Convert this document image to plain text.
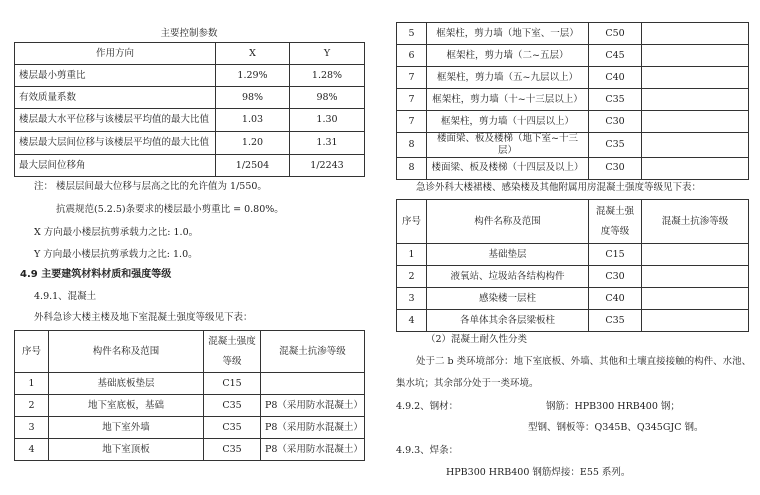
主要控制参数
作用方向	X	Y
楼层最小剪重比	1.29%	1.28%
有效质量系数	98%	98%
楼层最大水平位移与该楼层平均值的最大比值	1.03	1.30
楼层最大层间位移与该楼层平均值的最大比值	1.20	1.31
最大层间位移角	1/2504	1/2243
注： 楼层层间最大位移与层高之比的允许值为 1/550。
抗震规范(5.2.5)条要求的楼层最小剪重比 = 0.80%。
X 方向最小楼层抗剪承载力之比: 1.0。
Y 方向最小楼层抗剪承载力之比: 1.0。
4.9 主要建筑材料材质和强度等级
4.9.1、混凝土
外科急诊大楼主楼及地下室混凝土强度等级见下表：
序号	构件名称及范围	混凝土强度等级	混凝土抗渗等级
1	基础底板垫层	C15	
2	地下室底板，基础	C35	P8（采用防水混凝土）
3	地下室外墙	C35	P8（采用防水混凝土）
4	地下室顶板	C35	P8（采用防水混凝土）
5	框架柱，剪力墙（地下室、一层）	C50	
6	框架柱，剪力墙（二~五层）	C45	
7	框架柱，剪力墙（五~九层以上）	C40	
7	框架柱，剪力墙（十~十三层以上）	C35	
7	框架柱，剪力墙（十四层以上）	C30	
8	楼面梁、板及楼梯（地下室~十三层）	C35	
8	楼面梁、板及楼梯（十四层及以上）	C30	
急诊外科大楼裙楼、感染楼及其他附属用房混凝土强度等级见下表：
序号	构件名称及范围	混凝土强度等级	混凝土抗渗等级
1	基础垫层	C15	
2	液氧站、垃圾站各结构构件	C30	
3	感染楼一层柱	C40	
4	各单体其余各层梁板柱	C35	
（2）混凝土耐久性分类
处于二 b 类环境部分：地下室底板、外墙、其他和土壤直接接触的构件、水池、
集水坑；其余部分处于一类环境。
4.9.2、钢材：	钢筋：HPB300 HRB400 钢；
型钢、钢板等：Q345B、Q345GJC 钢。
4.9.3、焊条：
HPB300 HRB400 钢筋焊接：E55 系列。
